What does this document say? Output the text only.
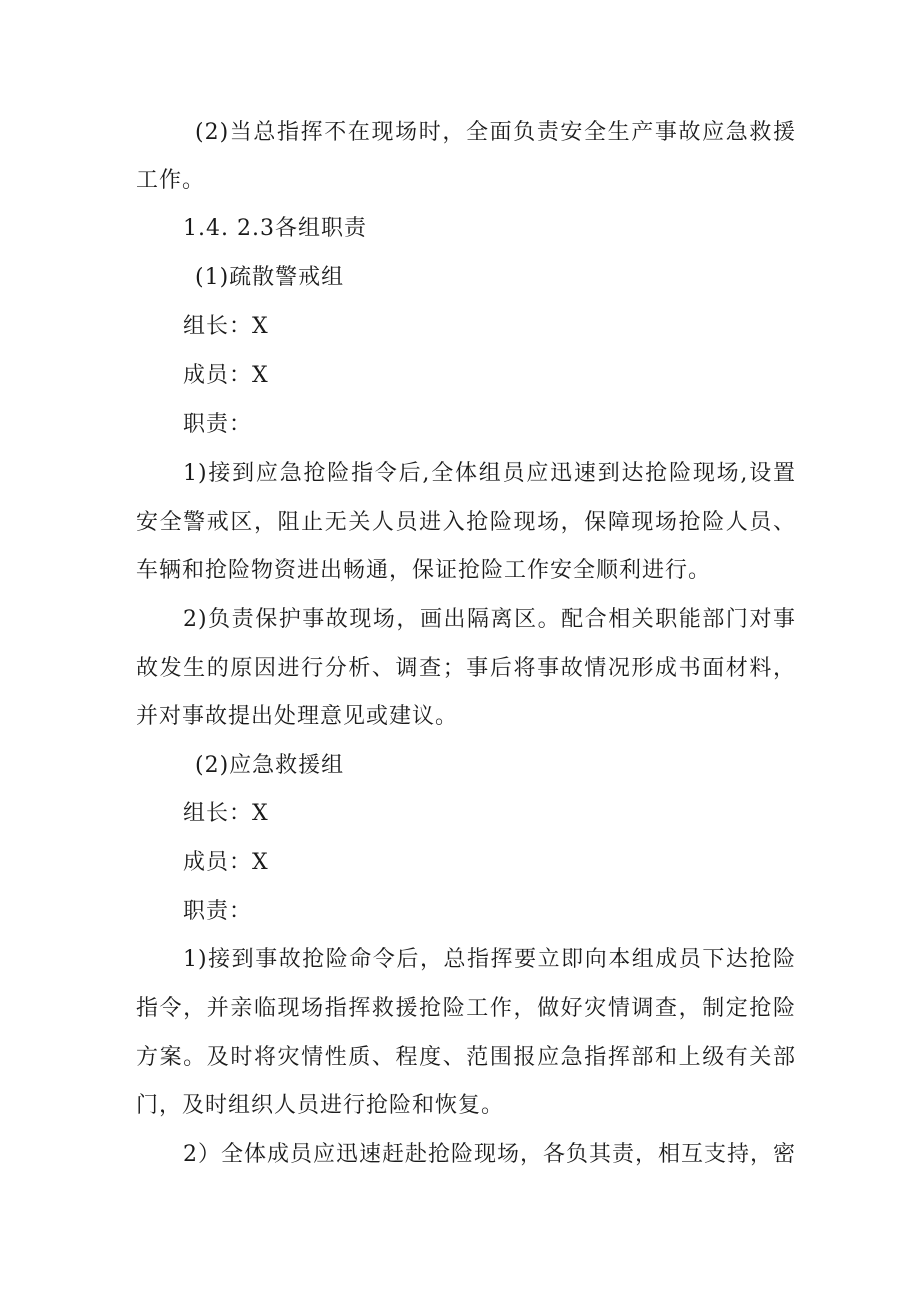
(2)当总指挥不在现场时，全面负责安全生产事故应急救援
工作。
1.4. 2.3各组职责
(1)疏散警戒组
组长：X
成员：X
职责：
1)接到应急抢险指令后,全体组员应迅速到达抢险现场,设置
安全警戒区，阻止无关人员进入抢险现场，保障现场抢险人员、
车辆和抢险物资进出畅通，保证抢险工作安全顺利进行。
2)负责保护事故现场，画出隔离区。配合相关职能部门对事
故发生的原因进行分析、调查；事后将事故情况形成书面材料，
并对事故提出处理意见或建议。
(2)应急救援组
组长：X
成员：X
职责：
1)接到事故抢险命令后，总指挥要立即向本组成员下达抢险
指令，并亲临现场指挥救援抢险工作，做好灾情调查，制定抢险
方案。及时将灾情性质、程度、范围报应急指挥部和上级有关部
门，及时组织人员进行抢险和恢复。
2）全体成员应迅速赶赴抢险现场，各负其责，相互支持，密
